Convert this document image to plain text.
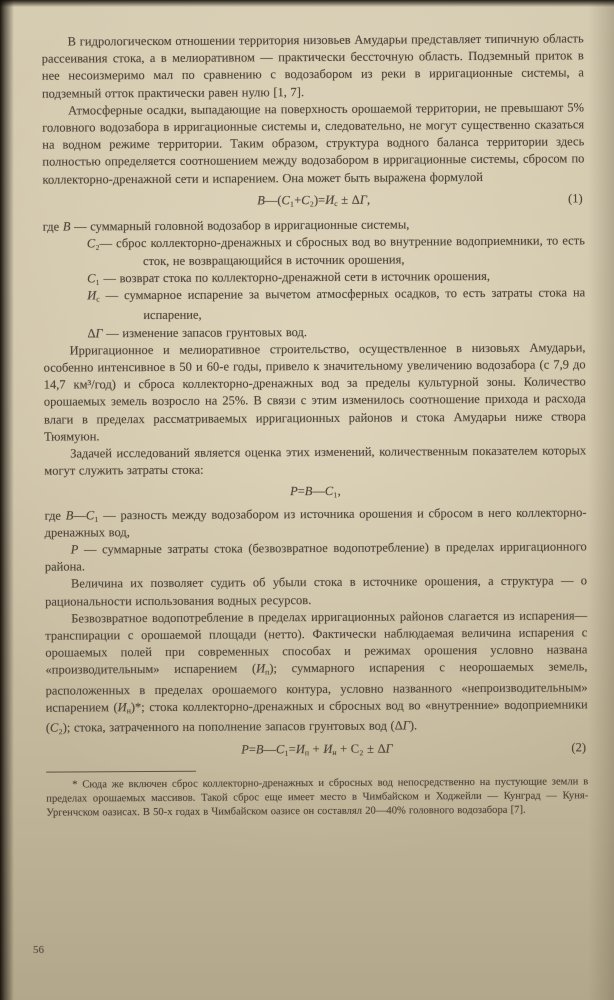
В гидрологическом отношении территория низовьев Амударьи представляет типичную область рассеивания стока, а в мелиоративном — практически бессточную область. Подземный приток в нее несоизмеримо мал по сравнению с водозабором из реки в ирригационные системы, а подземный отток практически равен нулю [1, 7].

Атмосферные осадки, выпадающие на поверхность орошаемой территории, не превышают 5% головного водозабора в ирригационные системы и, следовательно, не могут существенно сказаться на водном режиме территории. Таким образом, структура водного баланса территории здесь полностью определяется соотношением между водозабором в ирригационные системы, сбросом по коллекторно-дренажной сети и испарением. Она может быть выражена формулой

$B—(C_1+C_2)=И_с \pm \Delta Г$,	(1)

где B — суммарный головной водозабор в ирригационные системы,

C₂— сброс коллекторно-дренажных и сбросных вод во внутренние водоприемники, то есть сток, не возвращающийся в источник орошения,

C₁ — возврат стока по коллекторно-дренажной сети в источник орошения,

$И_с$ — суммарное испарение за вычетом атмосферных осадков, то есть затраты стока на испарение,

ΔГ — изменение запасов грунтовых вод.

Ирригационное и мелиоративное строительство, осуществленное в низовьях Амударьи, особенно интенсивное в 50 и 60-е годы, привело к значительному увеличению водозабора (с 7,9 до 14,7 км³/год) и сброса коллекторно-дренажных вод за пределы культурной зоны. Количество орошаемых земель возросло на 25%. В связи с этим изменилось соотношение прихода и расхода влаги в пределах рассматриваемых ирригационных районов и стока Амударьи ниже створа Тюямуюн.

Задачей исследований является оценка этих изменений, количественным показателем которых могут служить затраты стока:

P=B—C₁,

где B—C₁ — разность между водозабором из источника орошения и сбросом в него коллекторно-дренажных вод,

P — суммарные затраты стока (безвозвратное водопотребление) в пределах ирригационного района.

Величина их позволяет судить об убыли стока в источнике орошения, а структура — о рациональности использования водных ресурсов.

Безвозвратное водопотребление в пределах ирригационных районов слагается из испарения—транспирации с орошаемой площади (нетто). Фактически наблюдаемая величина испарения с орошаемых полей при современных способах и режимах орошения условно названа «производительным» испарением $(И_п)$; суммарного испарения с неорошаемых земель, расположенных в пределах орошаемого контура, условно названного «непроизводительным» испарением $(И_н)*$; стока коллекторно-дренажных и сбросных вод во «внутренние» водоприемники (C₂); стока, затраченного на пополнение запасов грунтовых вод (ΔГ).

$P=B—C_1=И_п + И_н + C_2 \pm \Delta Г$	(2)

* Сюда же включен сброс коллекторно-дренажных и сбросных вод непосредственно на пустующие земли в пределах орошаемых массивов. Такой сброс еще имеет место в Чимбайском и Ходжейли — Кунград — Куня-Ургенчском оазисах. В 50-х годах в Чимбайском оазисе он составлял 20—40% головного водозабора [7].

56
